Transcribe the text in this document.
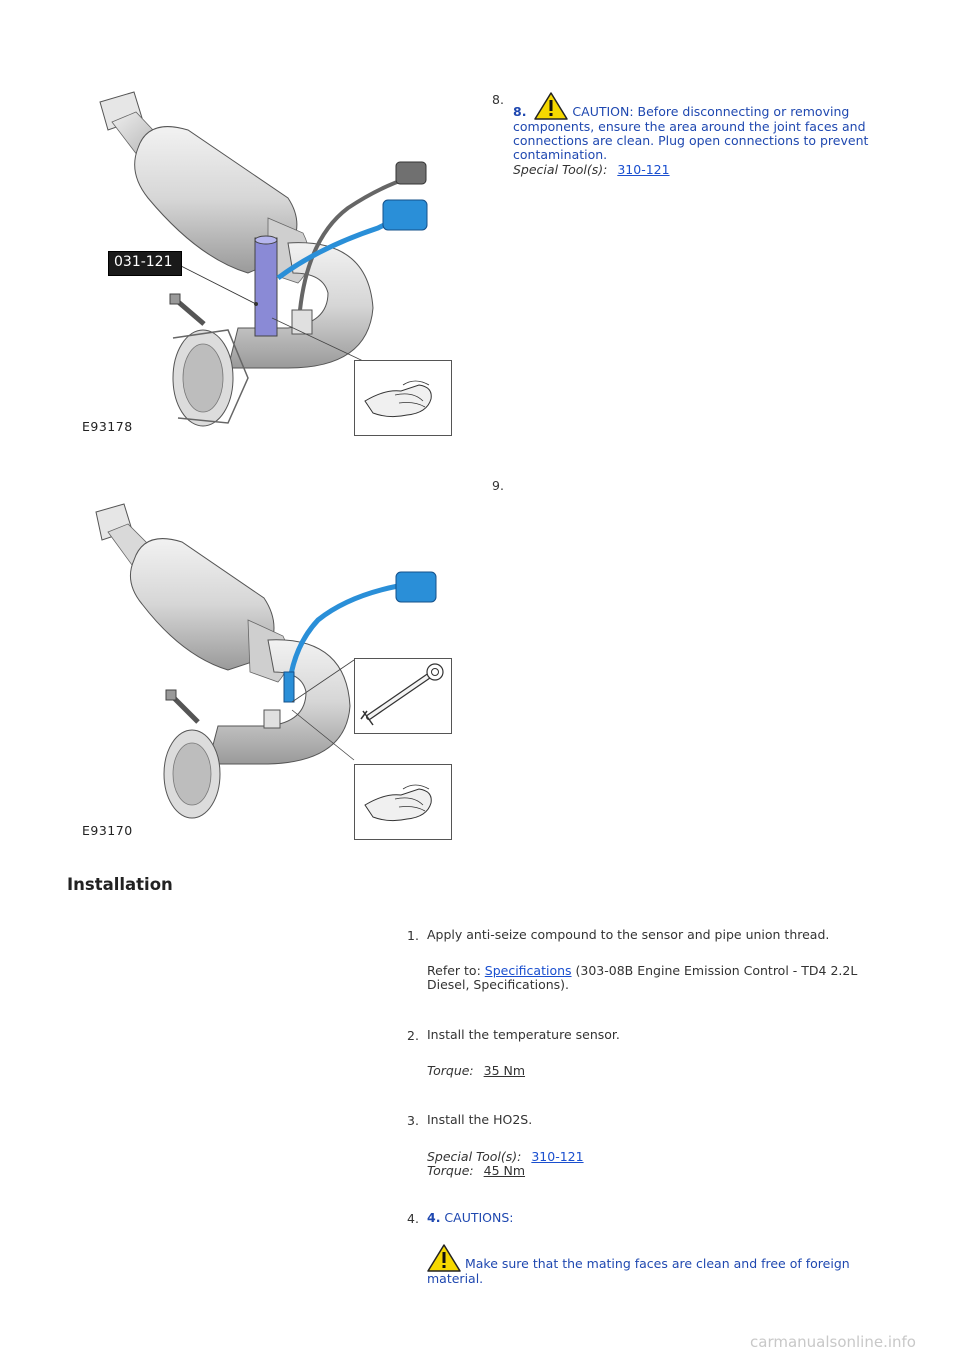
031-121
E93178
8.
8.	CAUTION: Before disconnecting or removing components, ensure the area around the joint faces and connections are clean. Plug open connections to prevent contamination.
Special Tool(s): 310-121
E93170
9.
Installation
1. Apply anti-seize compound to the sensor and pipe union thread.
Refer to: Specifications (303-08B Engine Emission Control - TD4 2.2L Diesel, Specifications).
2. Install the temperature sensor.
Torque: 35 Nm
3. Install the HO2S.
Special Tool(s): 310-121
Torque: 45 Nm
4. 4. CAUTIONS:
Make sure that the mating faces are clean and free of foreign material.
carmanualsonline.info
